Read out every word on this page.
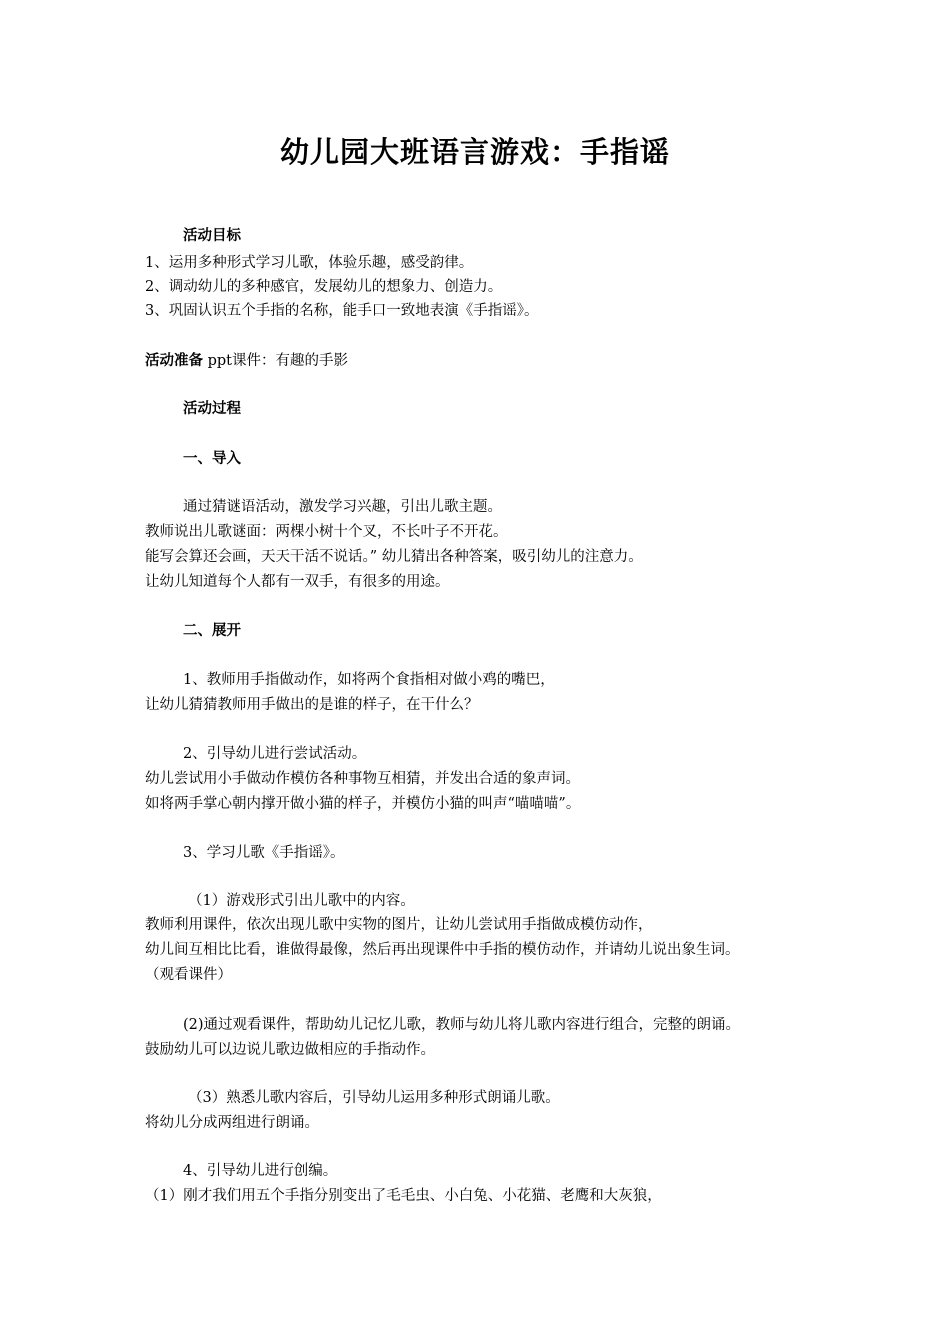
幼儿园大班语言游戏：手指谣
活动目标
1、运用多种形式学习儿歌，体验乐趣，感受韵律。
2、调动幼儿的多种感官，发展幼儿的想象力、创造力。
3、巩固认识五个手指的名称，能手口一致地表演《手指谣》。
活动准备 ppt课件：有趣的手影
活动过程
一、导入
通过猜谜语活动，激发学习兴趣，引出儿歌主题。
教师说出儿歌谜面：两棵小树十个叉，不长叶子不开花。
能写会算还会画，天天干活不说话。” 幼儿猜出各种答案，吸引幼儿的注意力。
让幼儿知道每个人都有一双手，有很多的用途。
二、展开
1、教师用手指做动作，如将两个食指相对做小鸡的嘴巴，
让幼儿猜猜教师用手做出的是谁的样子，在干什么？
2、引导幼儿进行尝试活动。
幼儿尝试用小手做动作模仿各种事物互相猜，并发出合适的象声词。
如将两手掌心朝内撑开做小猫的样子，并模仿小猫的叫声“喵喵喵”。
3、学习儿歌《手指谣》。
（1）游戏形式引出儿歌中的内容。
教师利用课件，依次出现儿歌中实物的图片，让幼儿尝试用手指做成模仿动作，
幼儿间互相比比看，谁做得最像，然后再出现课件中手指的模仿动作，并请幼儿说出象生词。
（观看课件）
(2)通过观看课件，帮助幼儿记忆儿歌，教师与幼儿将儿歌内容进行组合，完整的朗诵。
鼓励幼儿可以边说儿歌边做相应的手指动作。
（3）熟悉儿歌内容后，引导幼儿运用多种形式朗诵儿歌。
将幼儿分成两组进行朗诵。
4、引导幼儿进行创编。
（1）刚才我们用五个手指分别变出了毛毛虫、小白兔、小花猫、老鹰和大灰狼，
